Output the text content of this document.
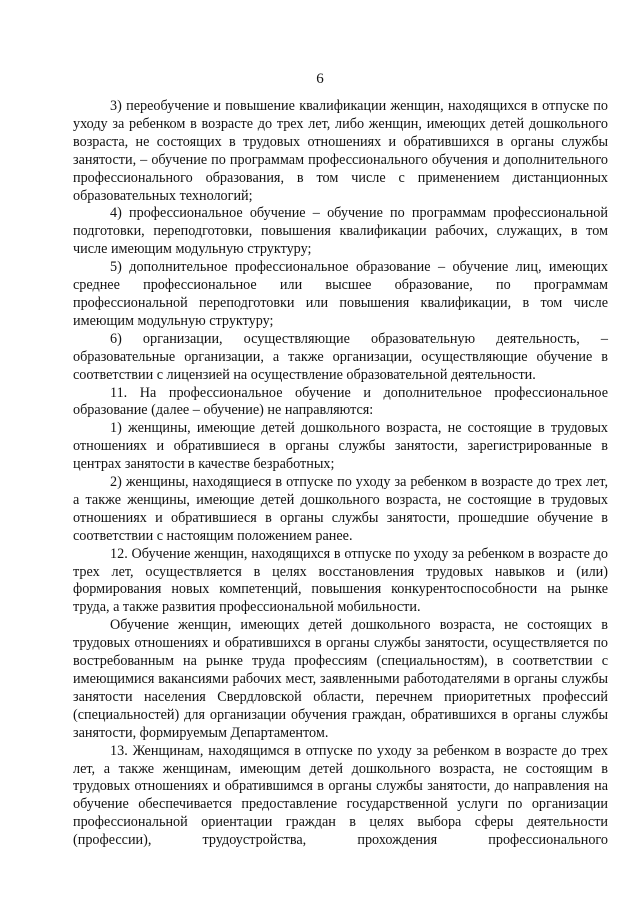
6

3) переобучение и повышение квалификации женщин, находящихся в отпуске по уходу за ребенком в возрасте до трех лет, либо женщин, имеющих детей дошкольного возраста, не состоящих в трудовых отношениях и обратившихся в органы службы занятости, – обучение по программам профессионального обучения и дополнительного профессионального образования, в том числе с применением дистанционных образовательных технологий;

4) профессиональное обучение – обучение по программам профессиональной подготовки, переподготовки, повышения квалификации рабочих, служащих, в том числе имеющим модульную структуру;

5) дополнительное профессиональное образование – обучение лиц, имеющих среднее профессиональное или высшее образование, по программам профессиональной переподготовки или повышения квалификации, в том числе имеющим модульную структуру;

6) организации, осуществляющие образовательную деятельность, – образовательные организации, а также организации, осуществляющие обучение в соответствии с лицензией на осуществление образовательной деятельности.

11. На профессиональное обучение и дополнительное профессиональное образование (далее – обучение) не направляются:

1) женщины, имеющие детей дошкольного возраста, не состоящие в трудовых отношениях и обратившиеся в органы службы занятости, зарегистрированные в центрах занятости в качестве безработных;

2) женщины, находящиеся в отпуске по уходу за ребенком в возрасте до трех лет, а также женщины, имеющие детей дошкольного возраста, не состоящие в трудовых отношениях и обратившиеся в органы службы занятости, прошедшие обучение в соответствии с настоящим положением ранее.

12. Обучение женщин, находящихся в отпуске по уходу за ребенком в возрасте до трех лет, осуществляется в целях восстановления трудовых навыков и (или) формирования новых компетенций, повышения конкурентоспособности на рынке труда, а также развития профессиональной мобильности.

Обучение женщин, имеющих детей дошкольного возраста, не состоящих в трудовых отношениях и обратившихся в органы службы занятости, осуществляется по востребованным на рынке труда профессиям (специальностям), в соответствии с имеющимися вакансиями рабочих мест, заявленными работодателями в органы службы занятости населения Свердловской области, перечнем приоритетных профессий (специальностей) для организации обучения граждан, обратившихся в органы службы занятости, формируемым Департаментом.

13. Женщинам, находящимся в отпуске по уходу за ребенком в возрасте до трех лет, а также женщинам, имеющим детей дошкольного возраста, не состоящим в трудовых отношениях и обратившимся в органы службы занятости, до направления на обучение обеспечивается предоставление государственной услуги по организации профессиональной ориентации граждан в целях выбора сферы деятельности (профессии), трудоустройства, прохождения профессионального
